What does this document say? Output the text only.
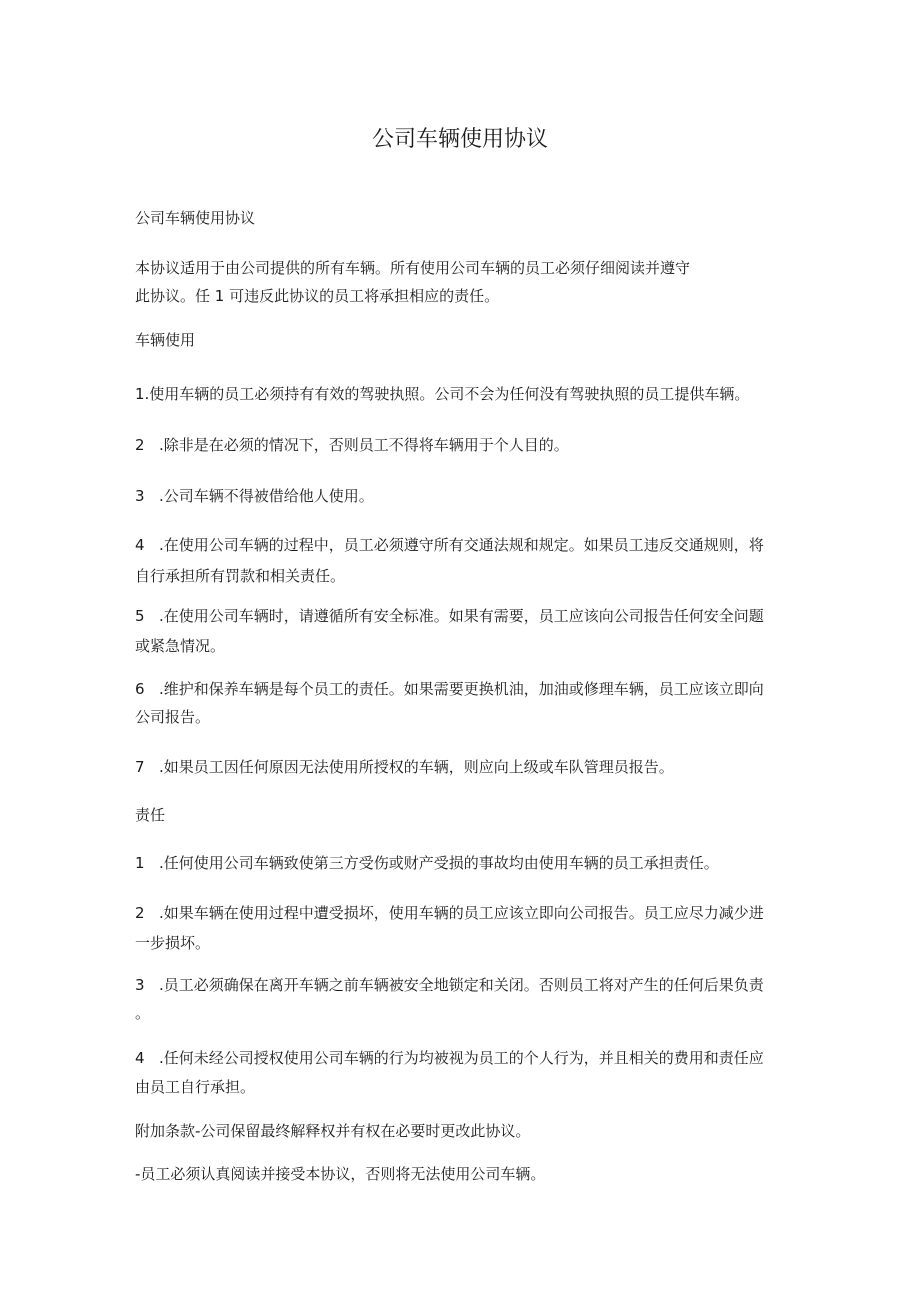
公司车辆使用协议
公司车辆使用协议
本协议适用于由公司提供的所有车辆。所有使用公司车辆的员工必须仔细阅读并遵守
此协议。任 1 可违反此协议的员工将承担相应的责任。
车辆使用
1.使用车辆的员工必须持有有效的驾驶执照。公司不会为任何没有驾驶执照的员工提供车辆。
2 .除非是在必须的情况下，否则员工不得将车辆用于个人目的。
3 .公司车辆不得被借给他人使用。
4 .在使用公司车辆的过程中，员工必须遵守所有交通法规和规定。如果员工违反交通规则，将
自行承担所有罚款和相关责任。
5 .在使用公司车辆时，请遵循所有安全标准。如果有需要，员工应该向公司报告任何安全问题
或紧急情况。
6 .维护和保养车辆是每个员工的责任。如果需要更换机油，加油或修理车辆，员工应该立即向
公司报告。
7 .如果员工因任何原因无法使用所授权的车辆，则应向上级或车队管理员报告。
责任
1 .任何使用公司车辆致使第三方受伤或财产受损的事故均由使用车辆的员工承担责任。
2 .如果车辆在使用过程中遭受损坏，使用车辆的员工应该立即向公司报告。员工应尽力减少进
一步损坏。
3 .员工必须确保在离开车辆之前车辆被安全地锁定和关闭。否则员工将对产生的任何后果负责
。
4 .任何未经公司授权使用公司车辆的行为均被视为员工的个人行为，并且相关的费用和责任应
由员工自行承担。
附加条款-公司保留最终解释权并有权在必要时更改此协议。
-员工必须认真阅读并接受本协议，否则将无法使用公司车辆。
